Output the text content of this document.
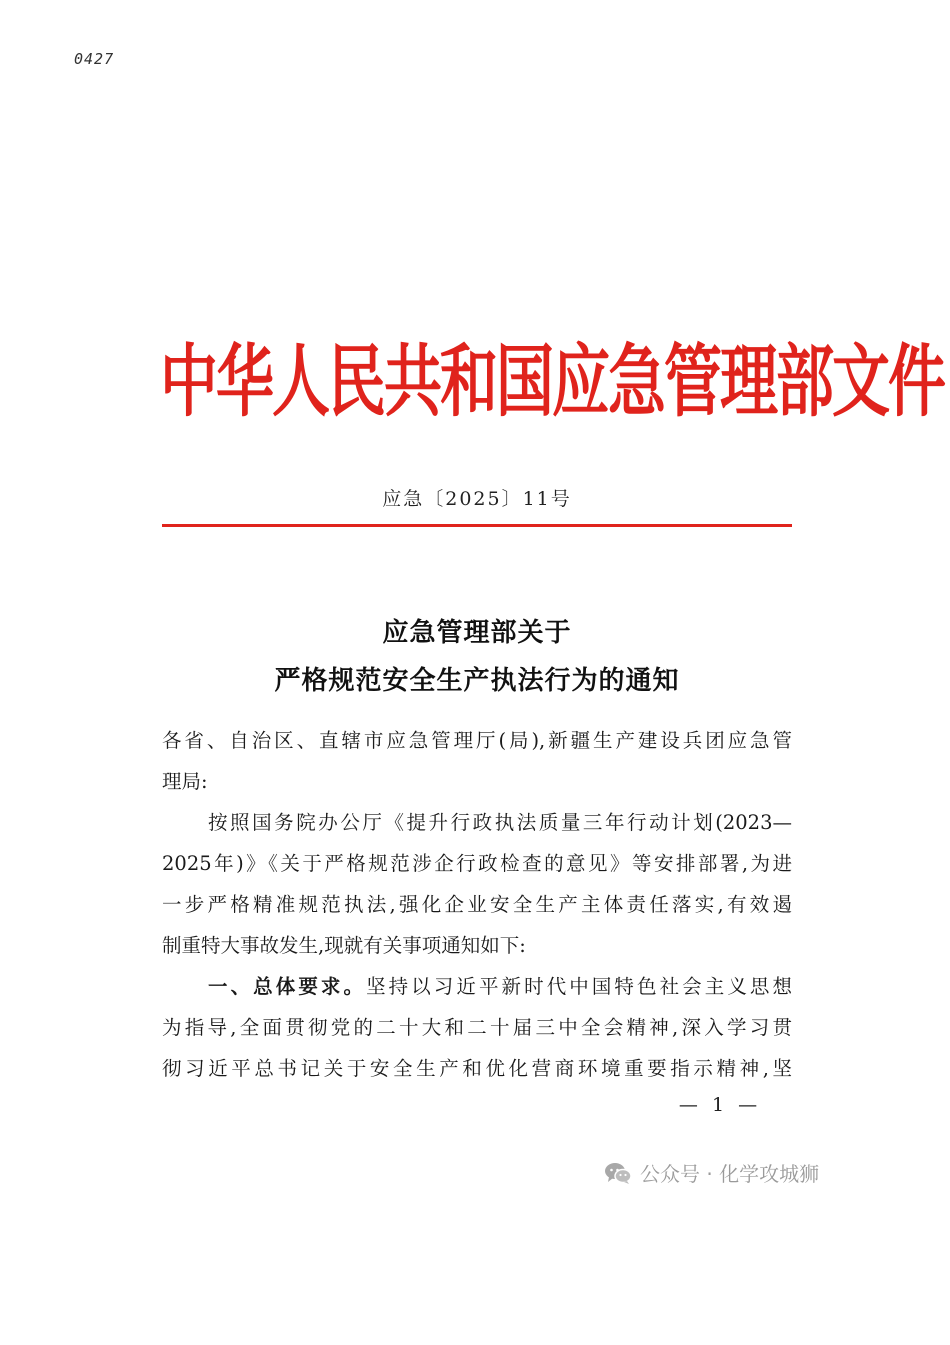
0427
中华人民共和国应急管理部文件
应急〔2025〕11号
应急管理部关于
严格规范安全生产执法行为的通知
各省、自治区、直辖市应急管理厅(局),新疆生产建设兵团应急管
理局:
按照国务院办公厅《提升行政执法质量三年行动计划(2023—
2025年)》《关于严格规范涉企行政检查的意见》等安排部署,为进
一步严格精准规范执法,强化企业安全生产主体责任落实,有效遏
制重特大事故发生,现就有关事项通知如下:
一、总体要求。坚持以习近平新时代中国特色社会主义思想
为指导,全面贯彻党的二十大和二十届三中全会精神,深入学习贯
彻习近平总书记关于安全生产和优化营商环境重要指示精神,坚
— 1 —
公众号 · 化学攻城狮
